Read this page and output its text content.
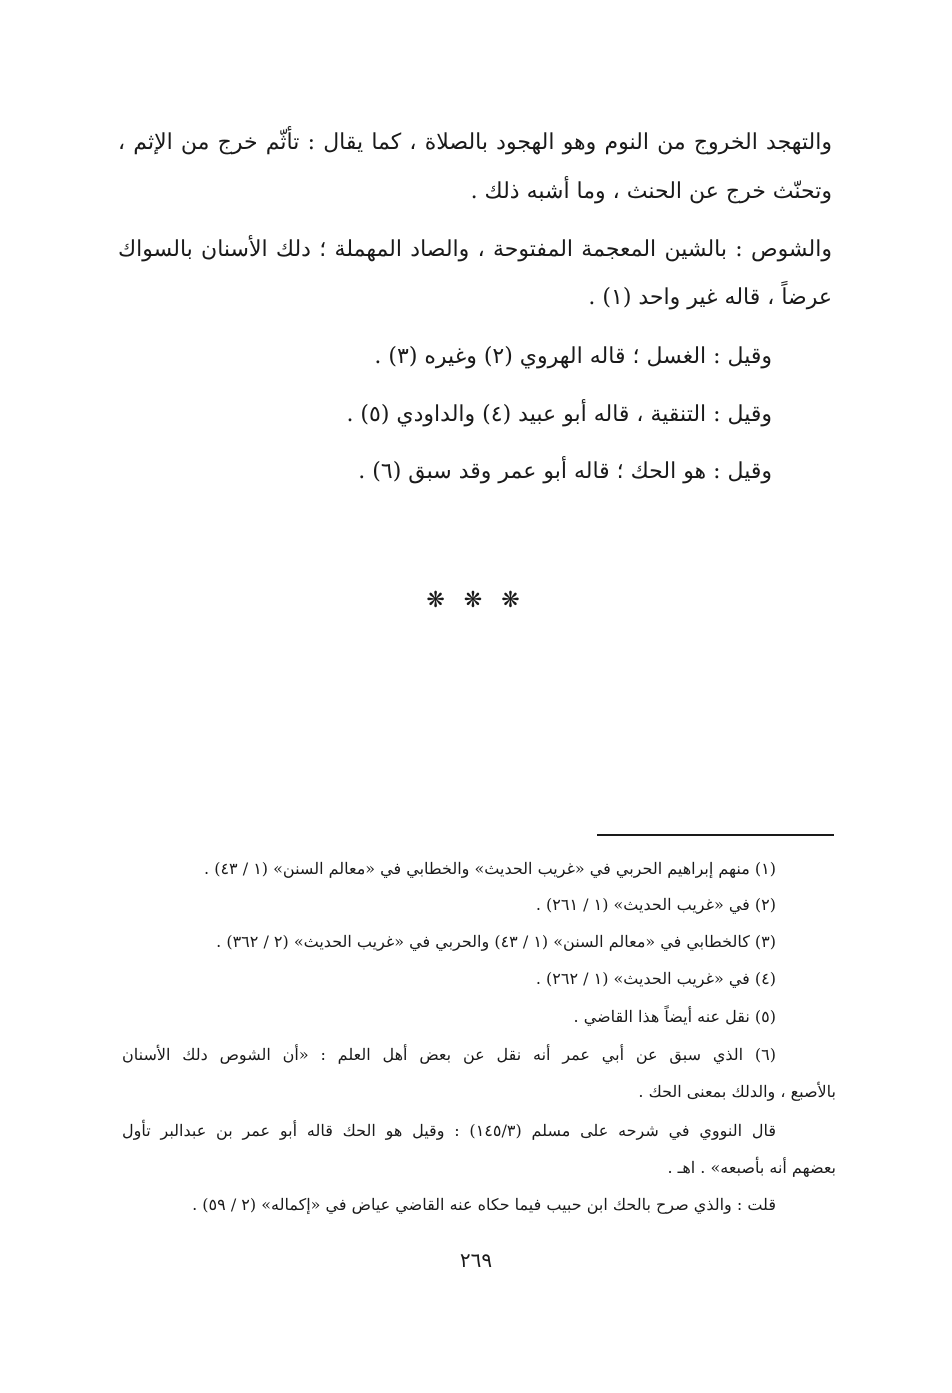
والتهجد الخروج من النوم وهو الهجود بالصلاة ، كما يقال : تأثّم خرج من الإثم ،
وتحنّث خرج عن الحنث ، وما أشبه ذلك .
والشوص : بالشين المعجمة المفتوحة ، والصاد المهملة ؛ دلك الأسنان بالسواك
عرضاً ، قاله غير واحد (١) .
وقيل : الغسل ؛ قاله الهروي (٢) وغيره (٣) .
وقيل : التنقية ، قاله أبو عبيد (٤) والداودي (٥) .
وقيل : هو الحك ؛ قاله أبو عمر وقد سبق (٦) .
❋ ❋ ❋
(١) منهم إبراهيم الحربي في «غريب الحديث» والخطابي في «معالم السنن» (١ / ٤٣) .
(٢) في «غريب الحديث» (١ / ٢٦١) .
(٣) كالخطابي في «معالم السنن» (١ / ٤٣) والحربي في «غريب الحديث» (٢ / ٣٦٢) .
(٤) في «غريب الحديث» (١ / ٢٦٢) .
(٥) نقل عنه أيضاً هذا القاضي .
(٦) الذي سبق عن أبي عمر أنه نقل عن بعض أهل العلم : «أن الشوص دلك الأسنان
بالأصبع ، والدلك بمعنى الحك .
قال النووي في شرحه على مسلم (١٤٥/٣) : وقيل هو الحك قاله أبو عمر بن عبدالبر تأول
بعضهم أنه بأصبعه» . اهـ .
قلت : والذي صرح بالحك ابن حبيب فيما حكاه عنه القاضي عياض في «إكماله» (٢ / ٥٩) .
٢٦٩
